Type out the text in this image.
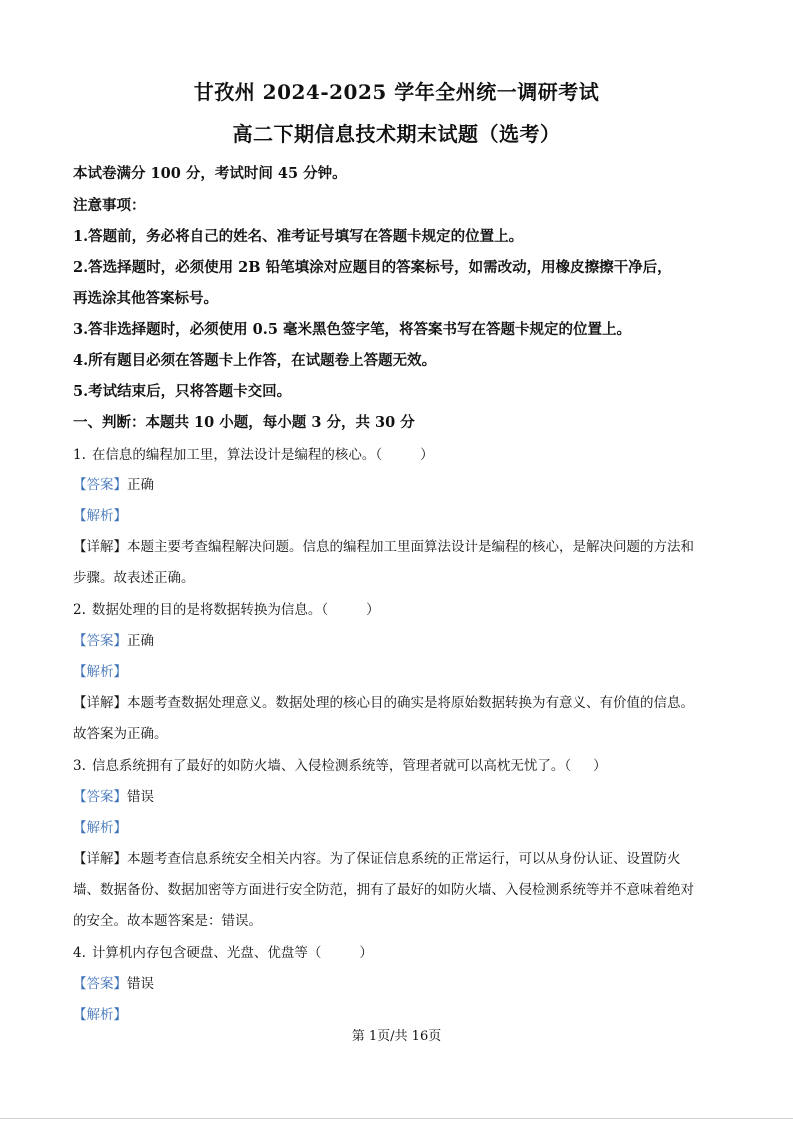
甘孜州 2024-2025 学年全州统一调研考试
高二下期信息技术期末试题（选考）
本试卷满分 100 分，考试时间 45 分钟。
注意事项：
1.答题前，务必将自己的姓名、准考证号填写在答题卡规定的位置上。
2.答选择题时，必须使用 2B 铅笔填涂对应题目的答案标号，如需改动，用橡皮擦擦干净后，
再选涂其他答案标号。
3.答非选择题时，必须使用 0.5 毫米黑色签字笔，将答案书写在答题卡规定的位置上。
4.所有题目必须在答题卡上作答，在试题卷上答题无效。
5.考试结束后，只将答题卡交回。
一、判断：本题共 10 小题，每小题 3 分，共 30 分
1. 在信息的编程加工里，算法设计是编程的核心。（	）
【答案】正确
【解析】
【详解】本题主要考查编程解决问题。信息的编程加工里面算法设计是编程的核心，是解决问题的方法和
步骤。故表述正确。
2. 数据处理的目的是将数据转换为信息。（	）
【答案】正确
【解析】
【详解】本题考查数据处理意义。数据处理的核心目的确实是将原始数据转换为有意义、有价值的信息。
故答案为正确。
3. 信息系统拥有了最好的如防火墙、入侵检测系统等，管理者就可以高枕无忧了。（ ）
【答案】错误
【解析】
【详解】本题考查信息系统安全相关内容。为了保证信息系统的正常运行，可以从身份认证、设置防火
墙、数据备份、数据加密等方面进行安全防范，拥有了最好的如防火墙、入侵检测系统等并不意味着绝对
的安全。故本题答案是：错误。
4. 计算机内存包含硬盘、光盘、优盘等（	）
【答案】错误
【解析】
第 1页/共 16页
